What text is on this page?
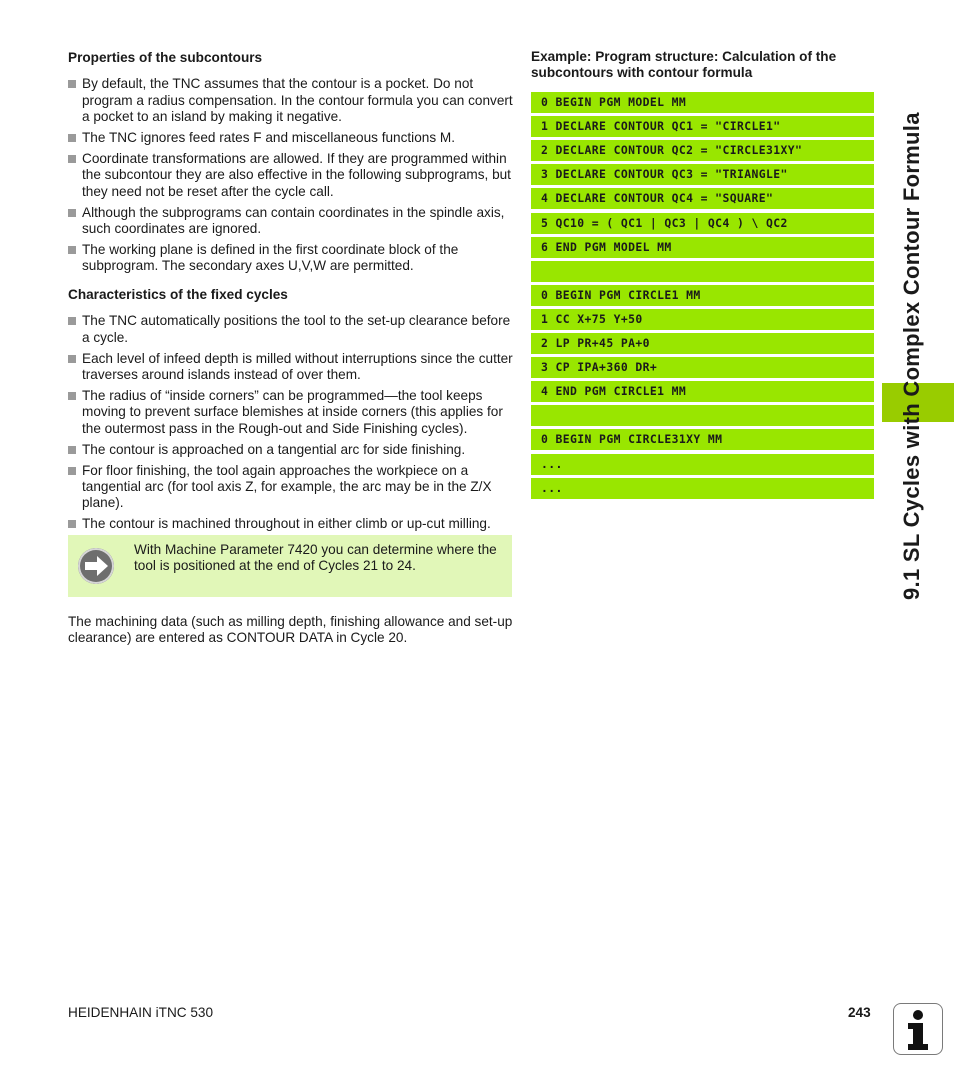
Properties of the subcontours

By default, the TNC assumes that the contour is a pocket. Do not program a radius compensation. In the contour formula you can convert a pocket to an island by making it negative.
The TNC ignores feed rates F and miscellaneous functions M.
Coordinate transformations are allowed. If they are programmed within the subcontour they are also effective in the following subprograms, but they need not be reset after the cycle call.
Although the subprograms can contain coordinates in the spindle axis, such coordinates are ignored.
The working plane is defined in the first coordinate block of the subprogram. The secondary axes U,V,W are permitted.

Characteristics of the fixed cycles

The TNC automatically positions the tool to the set-up clearance before a cycle.
Each level of infeed depth is milled without interruptions since the cutter traverses around islands instead of over them.
The radius of “inside corners” can be programmed—the tool keeps moving to prevent surface blemishes at inside corners (this applies for the outermost pass in the Rough-out and Side Finishing cycles).
The contour is approached on a tangential arc for side finishing.
For floor finishing, the tool again approaches the workpiece on a tangential arc (for tool axis Z, for example, the arc may be in the Z/X plane).
The contour is machined throughout in either climb or up-cut milling.
With Machine Parameter 7420 you can determine where the tool is positioned at the end of Cycles 21 to 24.

The machining data (such as milling depth, finishing allowance and set-up clearance) are entered as CONTOUR DATA in Cycle 20.

Example: Program structure: Calculation of the subcontours with contour formula

0 BEGIN PGM MODEL MM
1 DECLARE CONTOUR QC1 = "CIRCLE1"
2 DECLARE CONTOUR QC2 = "CIRCLE31XY"
3 DECLARE CONTOUR QC3 = "TRIANGLE"
4 DECLARE CONTOUR QC4 = "SQUARE"
5 QC10 = ( QC1 | QC3 | QC4 ) \ QC2
6 END PGM MODEL MM
0 BEGIN PGM CIRCLE1 MM
1 CC X+75 Y+50
2 LP PR+45 PA+0
3 CP IPA+360 DR+
4 END PGM CIRCLE1 MM
0 BEGIN PGM CIRCLE31XY MM
...
...	9.1 SL Cycles with Complex Contour Formula
HEIDENHAIN iTNC 530	243
